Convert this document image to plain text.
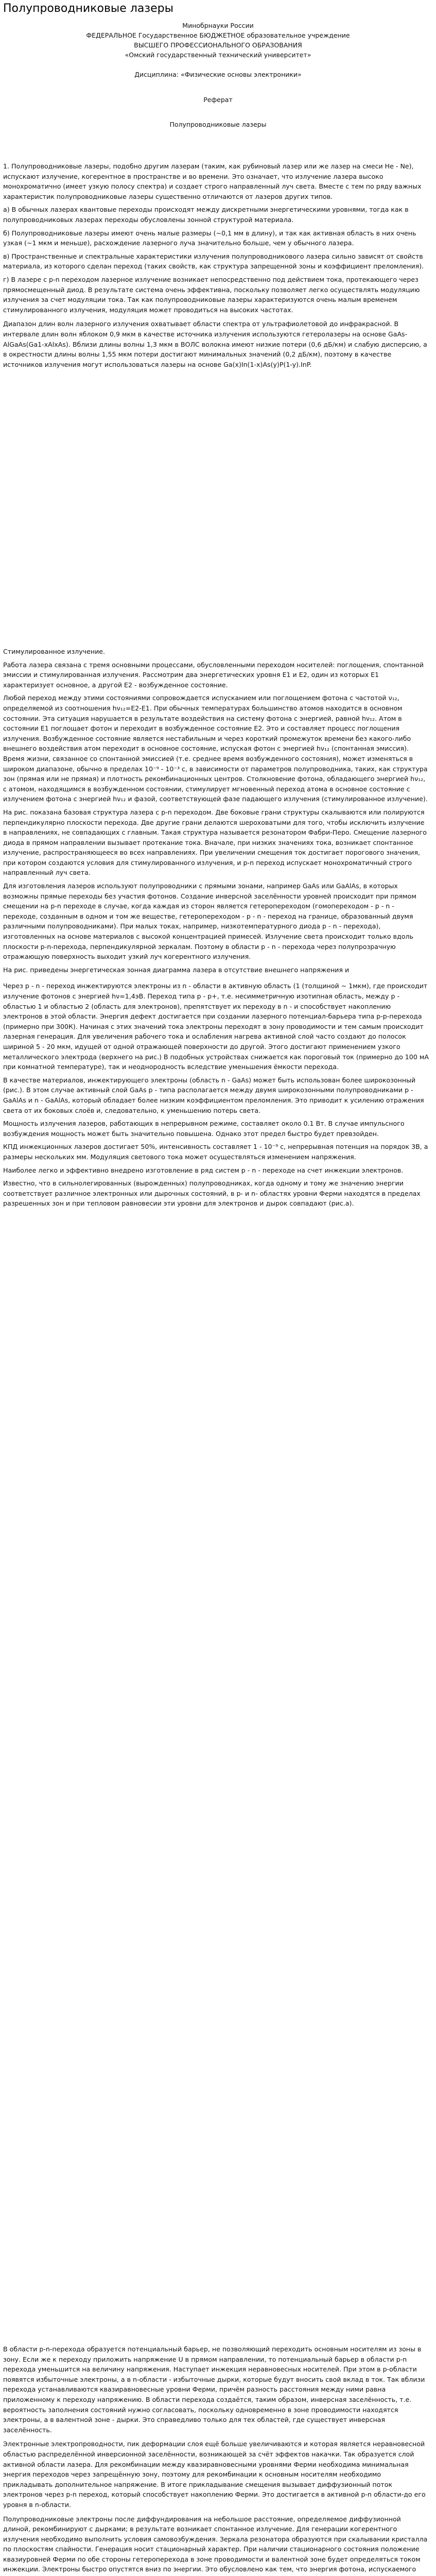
Полупроводниковые лазеры
Минобрнауки России
ФЕДЕРАЛЬНОЕ Государственное БЮДЖЕТНОЕ образовательное учреждение
ВЫСШЕГО ПРОФЕССИОНАЛЬНОГО ОБРАЗОВАНИЯ
«Омский государственный технический университет»
Дисциплина: «Физические основы электроники»
Реферат
Полупроводниковые лазеры

1. Полупроводниковые лазеры, подобно другим лазерам (таким, как рубиновый лазер или же лазер на смеси Не - Ne), испускают излучение, когерентное в пространстве и во времени. Это означает, что излучение лазера высоко монохроматично (имеет узкую полосу спектра) и создает строго направленный луч света. Вместе с тем по ряду важных характеристик полупроводниковые лазеры существенно отличаются от лазеров других типов.

а) В обычных лазерах квантовые переходы происходят между дискретными энергетическими уровнями, тогда как в полупроводниковых лазерах переходы обусловлены зонной структурой материала.

б) Полупроводниковые лазеры имеют очень малые размеры (~0,1 мм в длину), и так как активная область в них очень узкая (~1 мкм и меньше), расхождение лазерного луча значительно больше, чем у обычного лазера.

в) Пространственные и спектральные характеристики излучения полупроводникового лазера сильно зависят от свойств материала, из которого сделан переход (таких свойств, как структура запрещенной зоны и коэффициент преломления).

г) В лазере с p-n переходом лазерное излучение возникает непосредственно под действием тока, протекающего через прямосмещенный диод. В результате система очень эффективна, поскольку позволяет легко осуществлять модуляцию излучения за счет модуляции тока. Так как полупроводниковые лазеры характеризуются очень малым временем стимулированного излучения, модуляция может проводиться на высоких частотах.

Диапазон длин волн лазерного излучения охватывает области спектра от ультрафиолетовой до инфракрасной. В интервале длин волн яблоком 0,9 мкм в качестве источника излучения используются гетеролазеры на основе GaAs-AlGaAs(Ga1-xAlxAs). Вблизи длины волны 1,3 мкм в ВОЛС волокна имеют низкие потери (0,6 дБ/км) и слабую дисперсию, а в окрестности длины волны 1,55 мкм потери достигают минимальных значений (0,2 дБ/км), поэтому в качестве источников излучения могут использоваться лазеры на основе Ga(x)In(1-x)As(y)P(1-y).InP.

Стимулированное излучение.

Работа лазера связана с тремя основными процессами, обусловленными переходом носителей: поглощения, спонтанной эмиссии и стимулированная излучения. Рассмотрим два энергетических уровня E1 и E2, один из которых E1 характеризует основное, а другой E2 - возбужденное состояние.

Любой переход между этими состояниями сопровождается испусканием или поглощением фотона с частотой ν₁₂, определяемой из соотношения hν₁₂=E2-E1. При обычных температурах большинство атомов находится в основном состоянии. Эта ситуация нарушается в результате воздействия на систему фотона с энергией, равной hν₁₂. Атом в состоянии E1 поглощает фотон и переходит в возбужденное состояние E2. Это и составляет процесс поглощения излучения. Возбужденное состояние является нестабильным и через короткий промежуток времени без какого-либо внешнего воздействия атом переходит в основное состояние, испуская фотон с энергией hν₁₂ (спонтанная эмиссия). Время жизни, связанное со спонтанной эмиссией (т.е. среднее время возбужденного состояния), может изменяться в широком диапазоне, обычно в пределах 10⁻⁹ - 10⁻³ с, в зависимости от параметров полупроводника, таких, как структура зон (прямая или не прямая) и плотность рекомбинационных центров. Столкновение фотона, обладающего энергией hν₁₂, с атомом, находящимся в возбужденном состоянии, стимулирует мгновенный переход атома в основное состояние с излучением фотона с энергией hν₁₂ и фазой, соответствующей фазе падающего излучения (стимулированное излучение).

На рис. показана базовая структура лазера с p-n переходом. Две боковые грани структуры скалываются или полируются перпендикулярно плоскости перехода. Две другие грани делаются шероховатыми для того, чтобы исключить излучение в направлениях, не совпадающих с главным. Такая структура называется резонатором Фабри-Перо. Смещение лазерного диода в прямом направлении вызывает протекание тока. Вначале, при низких значениях тока, возникает спонтанное излучение, распространяющееся во всех направлениях. При увеличении смещения ток достигает порогового значения, при котором создаются условия для стимулированного излучения, и p-n переход испускает монохроматичный строго направленный луч света.

Для изготовления лазеров используют полупроводники с прямыми зонами, например GaAs или GaAlAs, в которых возможны прямые переходы без участия фотонов. Создание инверсной заселённости уровней происходит при прямом смещении на p-n переходе в случае, когда каждая из сторон является гетеропереходом (гомопереходом - р - n - переходе, созданным в одном и том же веществе, гетеропереходом - р - n - переход на границе, образованный двумя различными полупроводниками). При малых токах, например, низкотемпературного диода р - n - перехода), изготовленных на основе материалов с высокой концентрацией примесей. Излучение света происходит только вдоль плоскости р-n-перехода, перпендикулярной зеркалам. Поэтому в области р - n - перехода через полупрозрачную отражающую поверхность выходит узкий луч когерентного излучения.

На рис. приведены энергетическая зонная диаграмма лазера в отсутствие внешнего напряжения и

Через р - n - переход инжектируются электроны из n - области в активную область (1 (толщиной ~ 1мкм), где происходит излучение фотонов с энергией hν=1,4эВ. Переход типа р - р+, т.е. несимметричную изотипная область, между р - областью 1 и областью 2 (область для электронов), препятствует их переходу в n - и способствует накоплению электронов в этой области. Энергия дефект достигается при создании лазерного потенциал-барьера типа р-р-перехода (примерно при 300К). Начиная с этих значений тока электроны переходят в зону проводимости и тем самым происходит лазерная генерация. Для увеличения рабочего тока и ослабления нагрева активной слой часто создают до полосок шириной 5 - 20 мкм, идущей от одной отражающей поверхности до другой. Этого достигают применением узкого металлического электрода (верхнего на рис.) В подобных устройствах снижается как пороговый ток (примерно до 100 мА при комнатной температуре), так и неоднородность вследствие уменьшения ёмкости перехода.

В качестве материалов, инжектирующего электроны (область n - GaAs) может быть использован более широкозонный (рис.). В этом случае активный слой GaAs р - типа располагается между двумя широкозонными полупроводниками р - GaAlAs и n - GaAlAs, который обладает более низким коэффициентом преломления. Это приводит к усилению отражения света от их боковых слоёв и, следовательно, к уменьшению потерь света.

Мощность излучения лазеров, работающих в непрерывном режиме, составляет около 0.1 Вт. В случае импульсного возбуждения мощность может быть значительно повышена. Однако этот предел быстро будет превзойден.

КПД инжекционных лазеров достигает 50%, интенсивность составляет 1 - 10⁻⁹ с, непрерывная потенция на порядок 3В, а размеры нескольких мм. Модуляция светового тока может осуществляться изменением напряжения.

Наиболее легко и эффективно внедрено изготовление в ряд систем р - n - переходе на счет инжекции электронов.

Известно, что в сильнолегированных (вырожденных) полупроводниках, когда одному и тому же значению энергии соответствует различное электронных или дырочных состояний, в р- и n- областях уровни Ферми находятся в пределах разрешенных зон и при тепловом равновесии эти уровни для электронов и дырок совпадают (рис.а).

В области р-n-перехода образуется потенциальный барьер, не позволяющий переходить основным носителям из зоны в зону. Если же к переходу приложить напряжение U в прямом направлении, то потенциальный барьер в области р-n перехода уменьшится на величину напряжения. Наступает инжекция неравновесных носителей. При этом в р-области появятся избыточные электроны, а в n-области - избыточные дырки, которые будут вносить свой вклад в ток. Так вблизи перехода устанавливаются квазиравновесные уровни Ферми, причём разность расстояния между ними равна приложенному к переходу напряжению. В области перехода создаётся, таким образом, инверсная заселённость, т.е. вероятность заполнения состояний нужно согласовать, поскольку одновременно в зоне проводимости находятся электроны, а в валентной зоне - дырки. Это справедливо только для тех областей, где существует инверсная заселённость.

Электронные электропроводности, пик деформации слоя ещё больше увеличиваются и которая является неравновесной областью распределённой инверсионной заселённости, возникающей за счёт эффектов накачки. Так образуется слой активной области лазера. Для рекомбинации между квазиравновесными уровнями Ферми необходима минимальная энергия переходов через запрещённую зону, поэтому для рекомбинации к основным носителям необходимо прикладывать дополнительное напряжение. В итоге прикладывание смещения вызывает диффузионный поток электронов через р-n переход, который способствует накоплению Ферми. Это достигается в активной р-n области-до его уровня в n-области.

Полупроводниковые электроны после диффундирования на небольшое расстояние, определяемое диффузионной длиной, рекомбинируют с дырками; в результате возникает спонтанное излучение. Для генерации когерентного излучения необходимо выполнить условия самовозбуждения. Зеркала резонатора образуются при скалывании кристалла по плоскостям спайности. Генерация носит стационарный характер. При наличии стационарного состояния положение квазиуровней Ферми по обе стороны гетероперехода в зоне проводимости и валентной зоне будет определяться током инжекции. Электроны быстро опустятся вниз по энергии. Это обусловлено как тем, что энергия фотона, испускаемого
